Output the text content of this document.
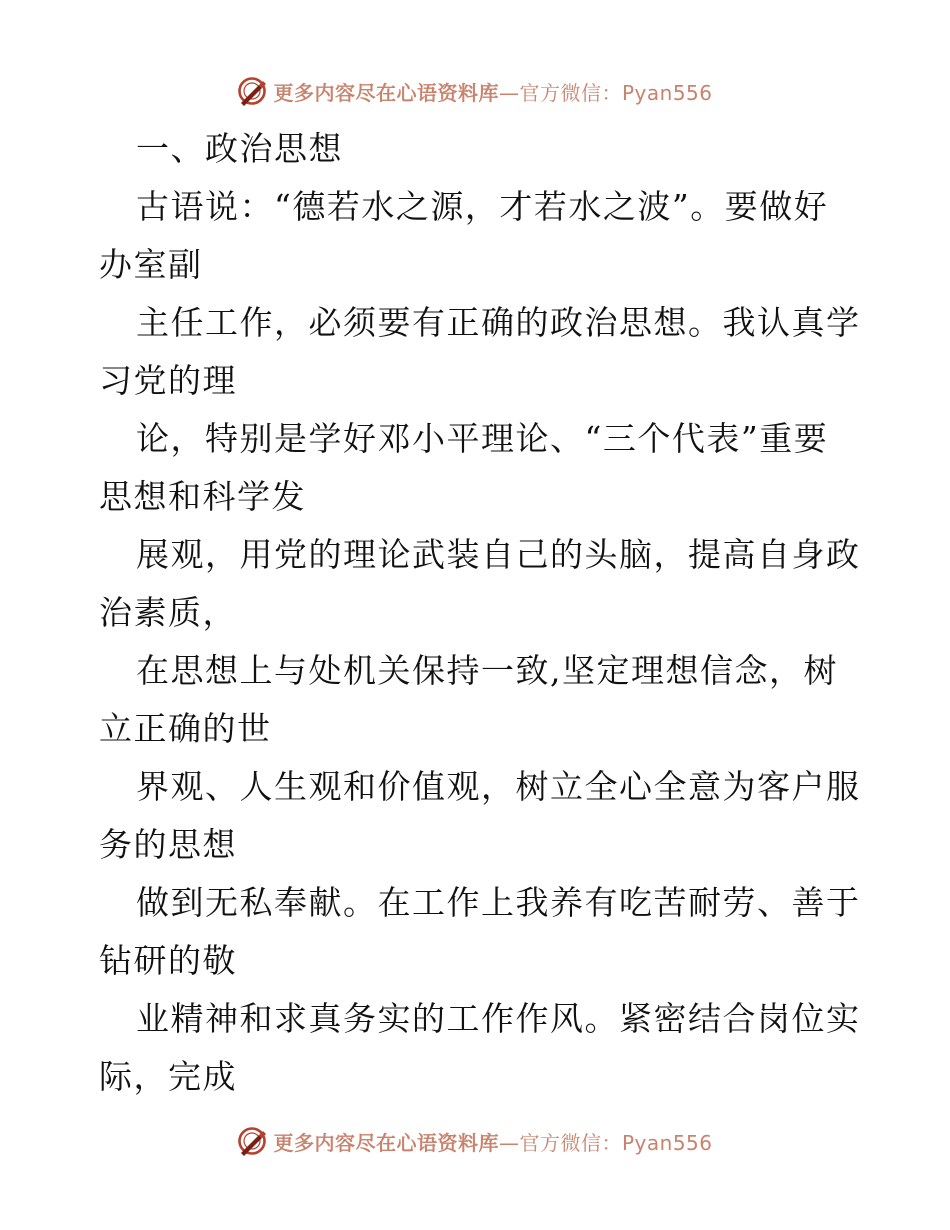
更多内容尽在心语资料库—官方微信：Pyan556
一、政治思想
古语说：“德若水之源，才若水之波”。要做好
办室副
主任工作，必须要有正确的政治思想。我认真学
习党的理
论，特别是学好邓小平理论、“三个代表”重要
思想和科学发
展观，用党的理论武装自己的头脑，提高自身政
治素质，
在思想上与处机关保持一致,坚定理想信念，树
立正确的世
界观、人生观和价值观，树立全心全意为客户服
务的思想
做到无私奉献。在工作上我养有吃苦耐劳、善于
钻研的敬
业精神和求真务实的工作作风。紧密结合岗位实
际，完成
更多内容尽在心语资料库—官方微信：Pyan556
